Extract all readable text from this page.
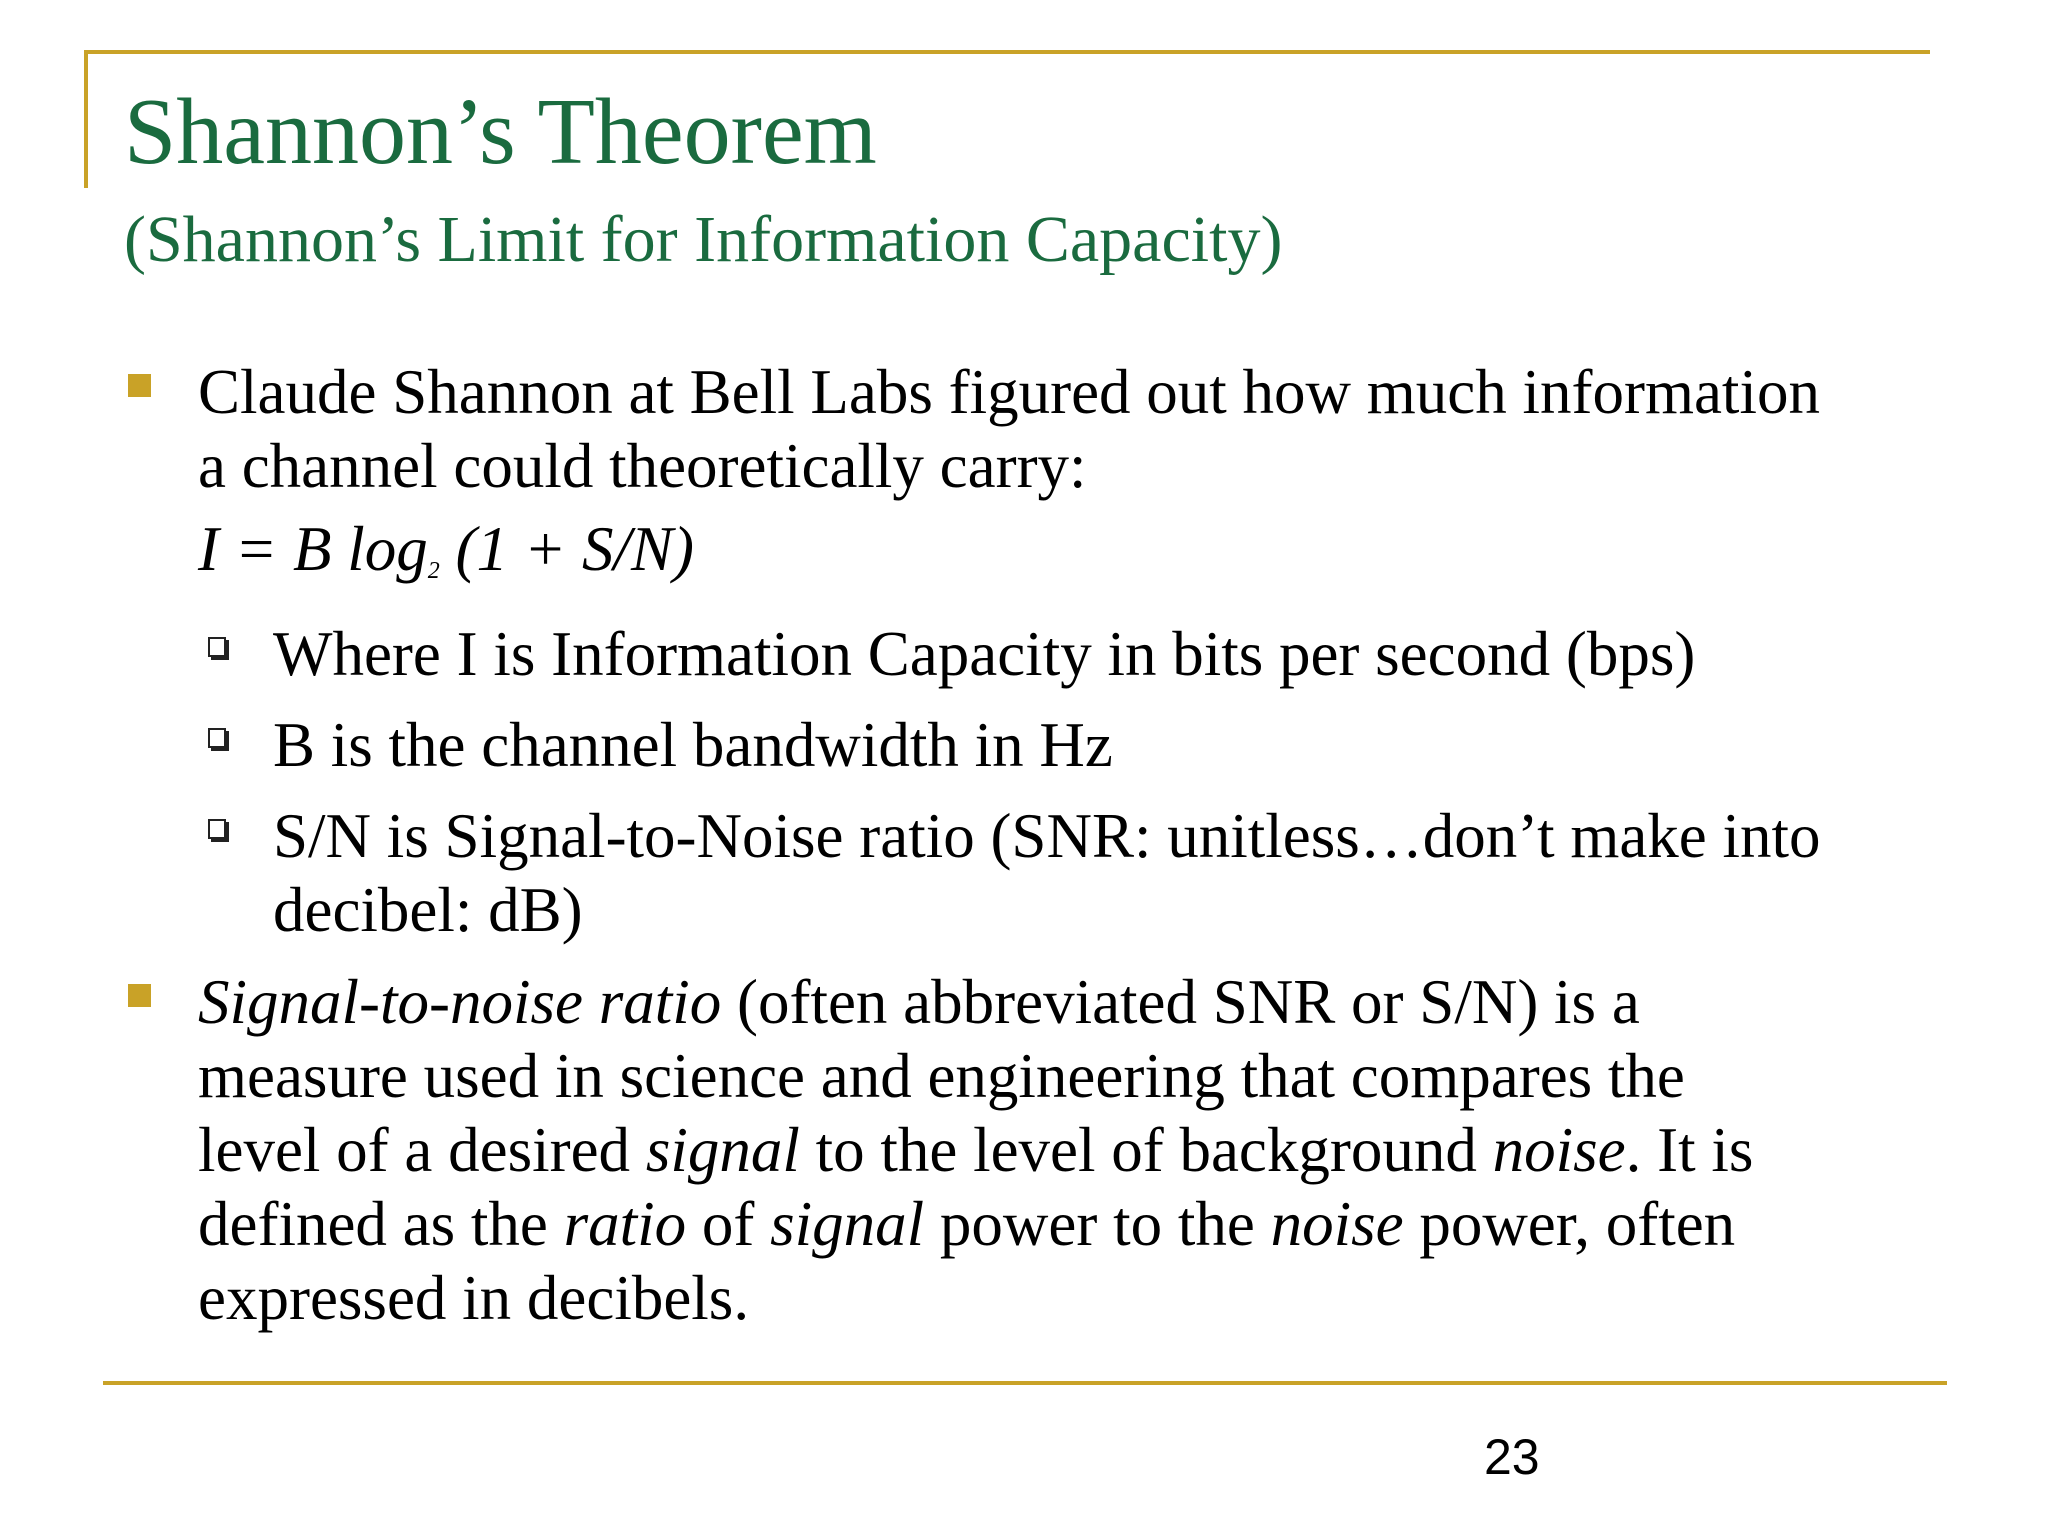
Shannon’s Theorem
(Shannon’s Limit for Information Capacity)
Claude Shannon at Bell Labs figured out how much information
a channel could theoretically carry:
I = B $\log_2 (1 + S/N)$
Where I is Information Capacity in bits per second (bps)
B is the channel bandwidth in Hz
S/N is Signal-to-Noise ratio (SNR: unitless…don’t make into
decibel: dB)
Signal-to-noise ratio (often abbreviated SNR or S/N) is a
measure used in science and engineering that compares the
level of a desired signal to the level of background noise. It is
defined as the ratio of signal power to the noise power, often
expressed in decibels.
23
